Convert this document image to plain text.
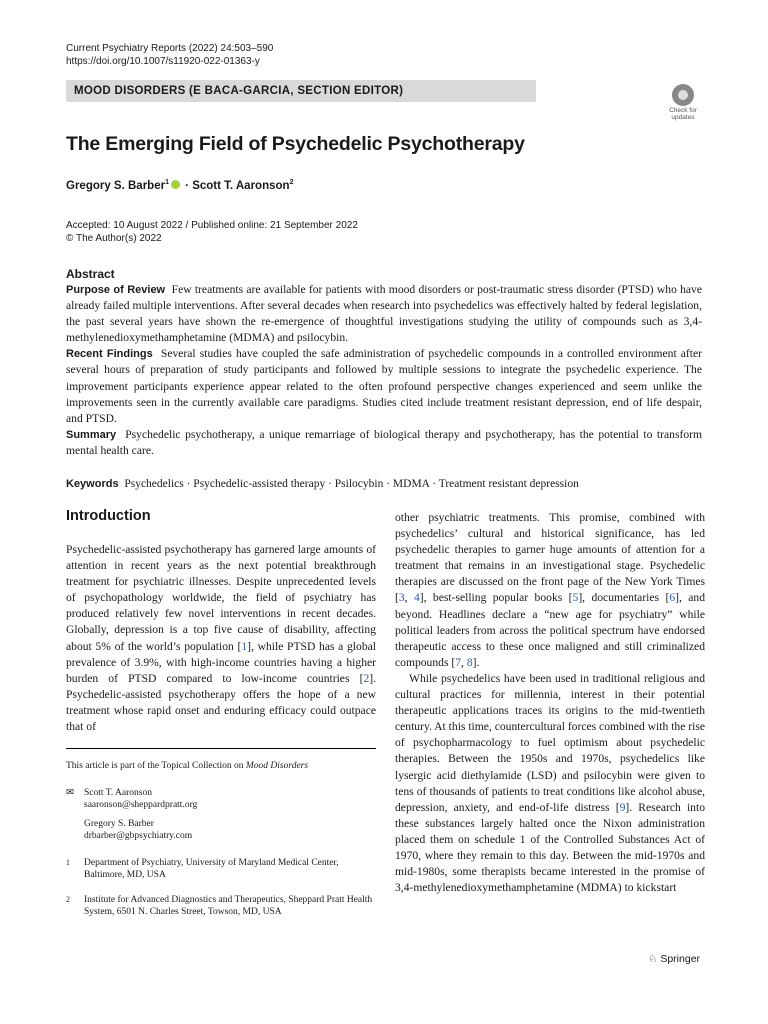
Current Psychiatry Reports (2022) 24:503–590
https://doi.org/10.1007/s11920-022-01363-y
MOOD DISORDERS (E BACA-GARCIA, SECTION EDITOR)
Check for
updates
The Emerging Field of Psychedelic Psychotherapy
Gregory S. Barber$^1$ · Scott T. Aaronson$^2$
Accepted: 10 August 2022 / Published online: 21 September 2022
© The Author(s) 2022
Abstract

Purpose of Review Few treatments are available for patients with mood disorders or post-traumatic stress disorder (PTSD) who have already failed multiple interventions. After several decades when research into psychedelics was effectively halted by federal legislation, the past several years have shown the re-emergence of thoughtful investigations studying the utility of compounds such as 3,4-methylenedioxymethamphetamine (MDMA) and psilocybin.

Recent Findings Several studies have coupled the safe administration of psychedelic compounds in a controlled environment after several hours of preparation of study participants and followed by multiple sessions to integrate the psychedelic experience. The improvement participants experience appear related to the often profound perspective changes experienced and seem unlike the improvements seen in the currently available care paradigms. Studies cited include treatment resistant depression, end of life despair, and PTSD.

Summary Psychedelic psychotherapy, a unique remarriage of biological therapy and psychotherapy, has the potential to transform mental health care.

Keywords Psychedelics · Psychedelic-assisted therapy · Psilocybin · MDMA · Treatment resistant depression
Introduction

Psychedelic-assisted psychotherapy has garnered large amounts of attention in recent years as the next potential breakthrough treatment for psychiatric illnesses. Despite unprecedented levels of psychopathology worldwide, the field of psychiatry has produced relatively few novel interventions in recent decades. Globally, depression is a top five cause of disability, affecting about 5% of the world’s population [1], while PTSD has a global prevalence of 3.9%, with high-income countries having a higher burden of PTSD compared to low-income countries [2]. Psychedelic-assisted psychotherapy offers the hope of a new treatment whose rapid onset and enduring efficacy could outpace that of

This article is part of the Topical Collection on Mood Disorders
✉ Scott T. Aaronson
saaronson@sheppardpratt.org
Gregory S. Barber
drbarber@gbpsychiatry.com
1 Department of Psychiatry, University of Maryland Medical Center, Baltimore, MD, USA
2 Institute for Advanced Diagnostics and Therapeutics, Sheppard Pratt Health System, 6501 N. Charles Street, Towson, MD, USA

other psychiatric treatments. This promise, combined with psychedelics’ cultural and historical significance, has led psychedelic therapies to garner huge amounts of attention for a treatment that remains in an investigational stage. Psychedelic therapies are discussed on the front page of the New York Times [3, 4], best-selling popular books [5], documentaries [6], and beyond. Headlines declare a “new age for psychiatry” while political leaders from across the political spectrum have endorsed therapeutic access to these once maligned and still criminalized compounds [7, 8].

While psychedelics have been used in traditional religious and cultural practices for millennia, interest in their potential therapeutic applications traces its origins to the mid-twentieth century. At this time, countercultural forces combined with the rise of psychopharmacology to fuel optimism about psychedelic therapies. Between the 1950s and 1970s, psychedelics like lysergic acid diethylamide (LSD) and psilocybin were given to tens of thousands of patients to treat conditions like alcohol abuse, depression, anxiety, and end-of-life distress [9]. Research into these substances largely halted once the Nixon administration placed them on schedule 1 of the Controlled Substances Act of 1970, where they remain to this day. Between the mid-1970s and mid-1980s, some therapists became interested in the promise of 3,4-methylenedioxymethamphetamine (MDMA) to kickstart

♘ Springer
